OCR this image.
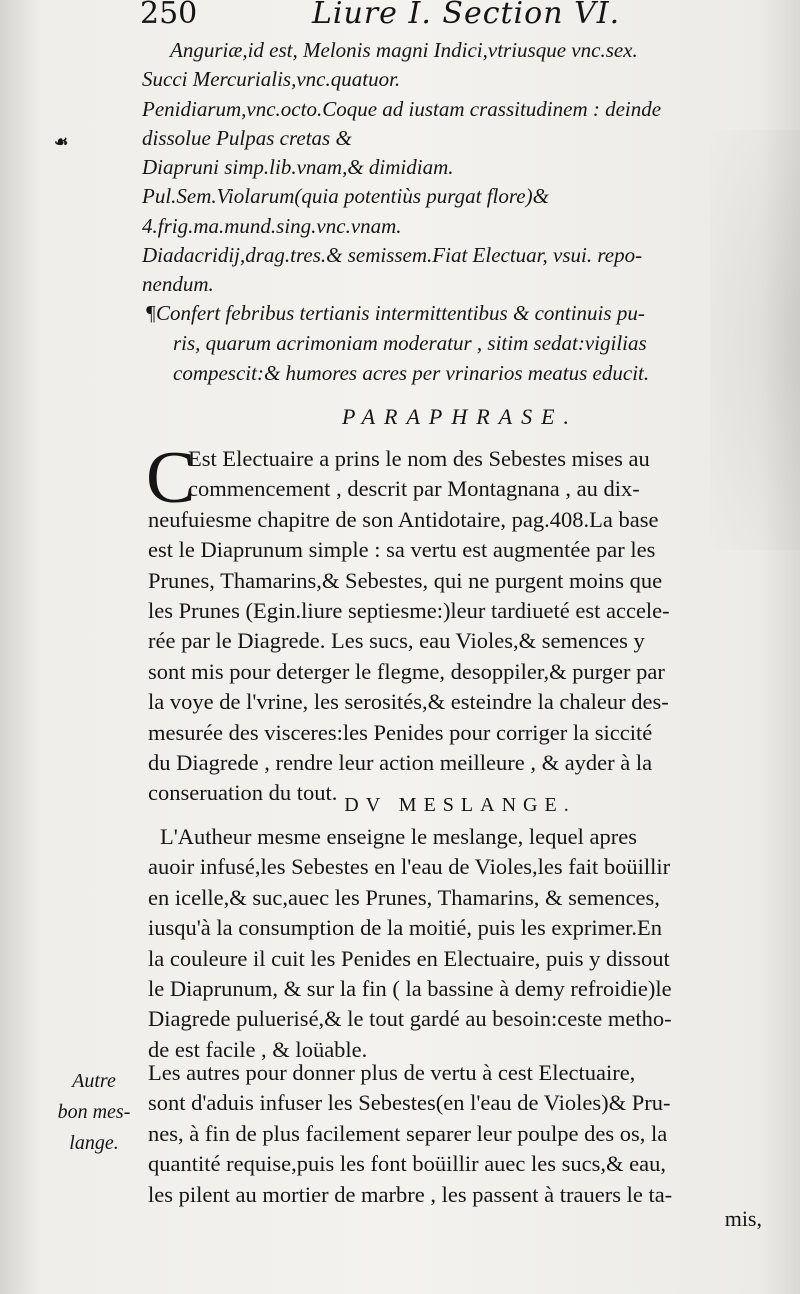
250	Liure I. Section VI.
☙
Anguriæ,id est, Melonis magni Indici,vtriusque vnc.sex.
Succi Mercurialis,vnc.quatuor.
Penidiarum,vnc.octo.Coque ad iustam crassitudinem : deinde
dissolue Pulpas cretas &
Diapruni simp.lib.vnam,& dimidiam.
Pul.Sem.Violarum(quia potentiùs purgat flore)&
4.frig.ma.mund.sing.vnc.vnam.
Diadacridij,drag.tres.& semissem.Fiat Electuar, vsui. repo-
nendum.
¶Confert febribus tertianis intermittentibus & continuis pu-
ris, quarum acrimoniam moderatur , sitim sedat:vigilias
compescit:& humores acres per vrinarios meatus educit.
PARAPHRASE.
C
Est Electuaire a prins le nom des Sebestes mises au
commencement , descrit par Montagnana , au dix-
neufuiesme chapitre de son Antidotaire, pag.408.La base
est le Diaprunum simple : sa vertu est augmentée par les
Prunes, Thamarins,& Sebestes, qui ne purgent moins que
les Prunes (Egin.liure septiesme:)leur tardiueté est accele-
rée par le Diagrede. Les sucs, eau Violes,& semences y
sont mis pour deterger le flegme, desoppiler,& purger par
la voye de l'vrine, les serosités,& esteindre la chaleur des-
mesurée des visceres:les Penides pour corriger la siccité
du Diagrede , rendre leur action meilleure , & ayder à la
conseruation du tout. DV MESLANGE.
L'Autheur mesme enseigne le meslange, lequel apres
auoir infusé,les Sebestes en l'eau de Violes,les fait boüillir
en icelle,& suc,auec les Prunes, Thamarins, & semences,
iusqu'à la consumption de la moitié, puis les exprimer.En
la couleure il cuit les Penides en Electuaire, puis y dissout
le Diaprunum, & sur la fin ( la bassine à demy refroidie)le
Diagrede puluerisé,& le tout gardé au besoin:ceste metho-
de est facile , & loüable.
Autre
bon mes-
lange.
Les autres pour donner plus de vertu à cest Electuaire,
sont d'aduis infuser les Sebestes(en l'eau de Violes)& Pru-
nes, à fin de plus facilement separer leur poulpe des os, la
quantité requise,puis les font boüillir auec les sucs,& eau,
les pilent au mortier de marbre , les passent à trauers le ta-
mis,
